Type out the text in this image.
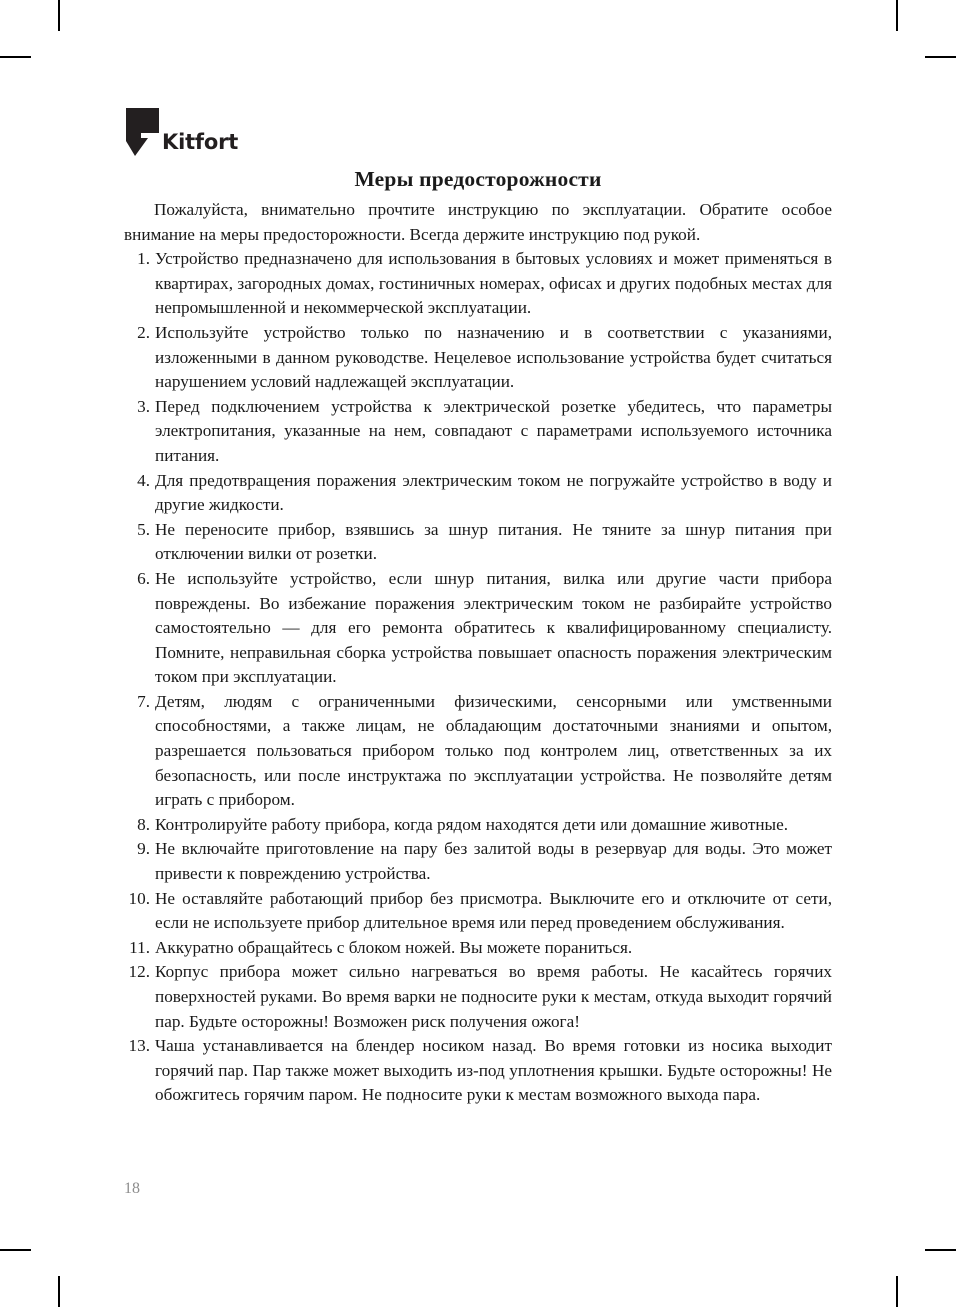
Kitfort
Меры предосторожности

Пожалуйста, внимательно прочтите инструкцию по эксплуатации. Обратите особое внимание на меры предосторожности. Всегда держите инструкцию под рукой.

1. Устройство предназначено для использования в бытовых условиях и может применяться в квартирах, загородных домах, гостиничных номерах, офисах и других подобных местах для непромышленной и некоммерческой эксплуатации.
2. Используйте устройство только по назначению и в соответствии с указаниями, изложенными в данном руководстве. Нецелевое использование устройства будет считаться нарушением условий надлежащей эксплуатации.
3. Перед подключением устройства к электрической розетке убедитесь, что параметры электропитания, указанные на нем, совпадают с параметрами используемого источника питания.
4. Для предотвращения поражения электрическим током не погружайте устройство в воду и другие жидкости.
5. Не переносите прибор, взявшись за шнур питания. Не тяните за шнур питания при отключении вилки от розетки.
6. Не используйте устройство, если шнур питания, вилка или другие части прибора повреждены. Во избежание поражения электрическим током не разбирайте устройство самостоятельно — для его ремонта обратитесь к квалифицированному специалисту. Помните, неправильная сборка устройства повышает опасность поражения электрическим током при эксплуатации.
7. Детям, людям с ограниченными физическими, сенсорными или умственными способностями, а также лицам, не обладающим достаточными знаниями и опытом, разрешается пользоваться прибором только под контролем лиц, ответственных за их безопасность, или после инструктажа по эксплуатации устройства. Не позволяйте детям играть с прибором.
8. Контролируйте работу прибора, когда рядом находятся дети или домашние животные.
9. Не включайте приготовление на пару без залитой воды в резервуар для воды. Это может привести к повреждению устройства.
10. Не оставляйте работающий прибор без присмотра. Выключите его и отключите от сети, если не используете прибор длительное время или перед проведением обслуживания.
11. Аккуратно обращайтесь с блоком ножей. Вы можете пораниться.
12. Корпус прибора может сильно нагреваться во время работы. Не касайтесь горячих поверхностей руками. Во время варки не подносите руки к местам, откуда выходит горячий пар. Будьте осторожны! Возможен риск получения ожога!
13. Чаша устанавливается на блендер носиком назад. Во время готовки из носика выходит горячий пар. Пар также может выходить из-под уплотнения крышки. Будьте осторожны! Не обожгитесь горячим паром. Не подносите руки к местам возможного выхода пара.
18
